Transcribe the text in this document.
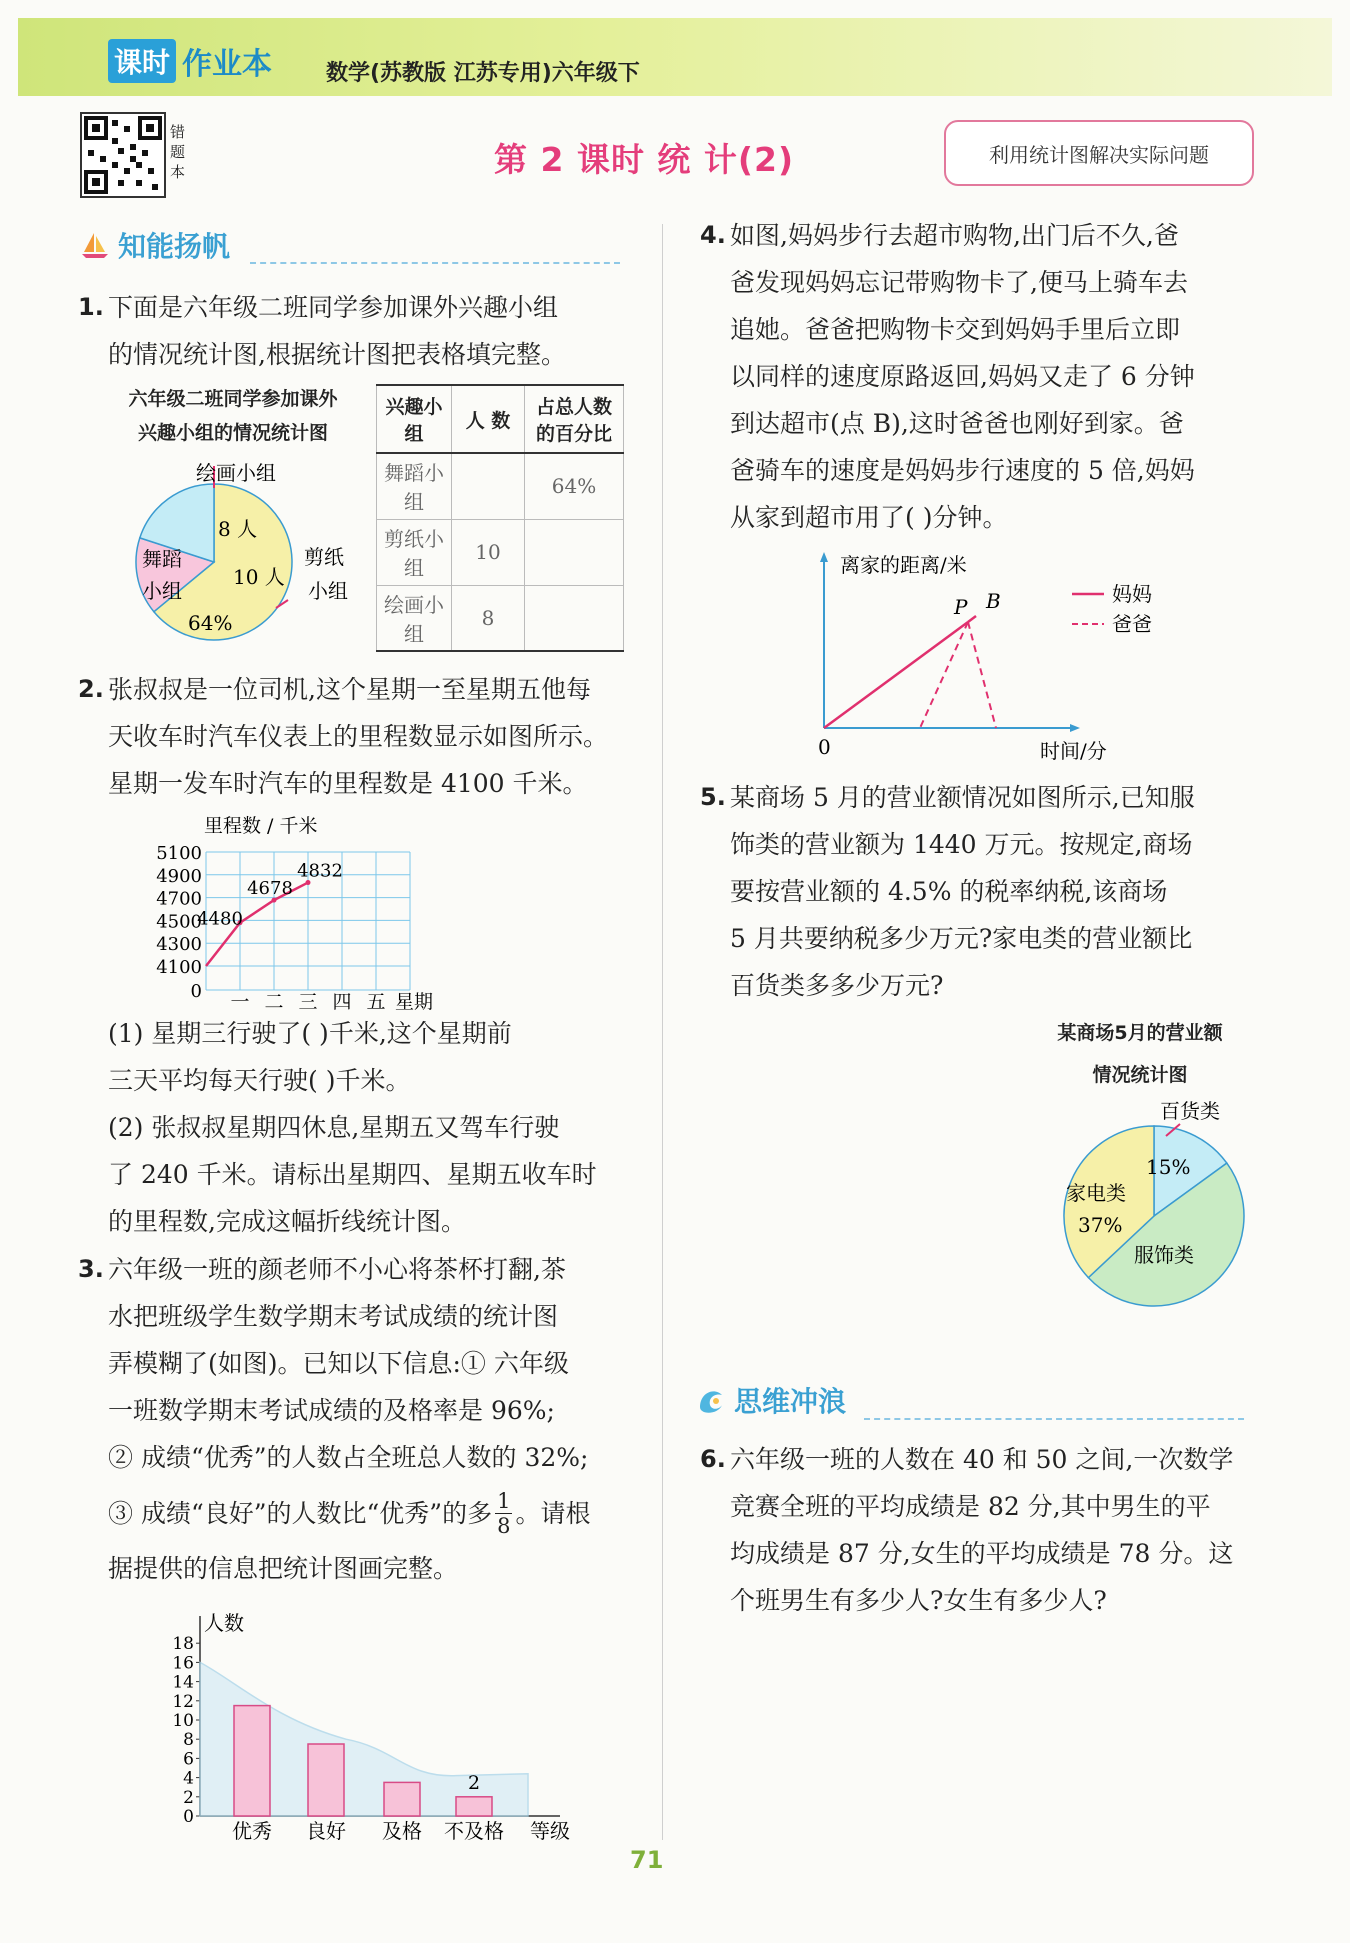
课时 作业本 数学(苏教版 江苏专用)六年级下
错题本	第 2 课时 统 计(2)	利用统计图解决实际问题
知能扬帆
1. 下面是六年级二班同学参加课外兴趣小组
的情况统计图,根据统计图把表格填完整。
六年级二班同学参加课外
兴趣小组的情况统计图
绘画小组
舞蹈
小组
64%
8 人
10 人
剪纸
小组
兴趣小组	人 数	占总人数的百分比
舞蹈小组		64%
剪纸小组	10	
绘画小组	8	
2. 张叔叔是一位司机,这个星期一至星期五他每
天收车时汽车仪表上的里程数显示如图所示。
星期一发车时汽车的里程数是 4100 千米。
0
4100
4300
4500
4700
4900
5100
里程数 / 千米
一 二 三 四 五 星期
4480
4678
4832
(1) 星期三行驶了( )千米,这个星期前
三天平均每天行驶( )千米。
(2) 张叔叔星期四休息,星期五又驾车行驶
了 240 千米。请标出星期四、星期五收车时
的里程数,完成这幅折线统计图。
3. 六年级一班的颜老师不小心将茶杯打翻,茶
水把班级学生数学期末考试成绩的统计图
弄模糊了(如图)。已知以下信息:① 六年级
一班数学期末考试成绩的及格率是 96%;
② 成绩“优秀”的人数占全班总人数的 32%;
③ 成绩“良好”的人数比“优秀”的多 $\frac{1}{8}$ 。请根
据提供的信息把统计图画完整。
人数
0
2
4
6
8
10
12
14
16
18
优秀 良好 及格 不及格
2
等级
4. 如图,妈妈步行去超市购物,出门后不久,爸
爸发现妈妈忘记带购物卡了,便马上骑车去
追她。爸爸把购物卡交到妈妈手里后立即
以同样的速度原路返回,妈妈又走了 6 分钟
到达超市(点 B),这时爸爸也刚好到家。爸
爸骑车的速度是妈妈步行速度的 5 倍,妈妈
从家到超市用了( )分钟。
离家的距离/米
时间/分
0
P B	妈妈
爸爸
5. 某商场 5 月的营业额情况如图所示,已知服
饰类的营业额为 1440 万元。按规定,商场
要按营业额的 4.5% 的税率纳税,该商场
5 月共要纳税多少万元?家电类的营业额比
百货类多多少万元?
某商场5月的营业额
情况统计图
百货类
15%
家电类
37%
服饰类
思维冲浪
6. 六年级一班的人数在 40 和 50 之间,一次数学
竞赛全班的平均成绩是 82 分,其中男生的平
均成绩是 87 分,女生的平均成绩是 78 分。这
个班男生有多少人?女生有多少人?
71
